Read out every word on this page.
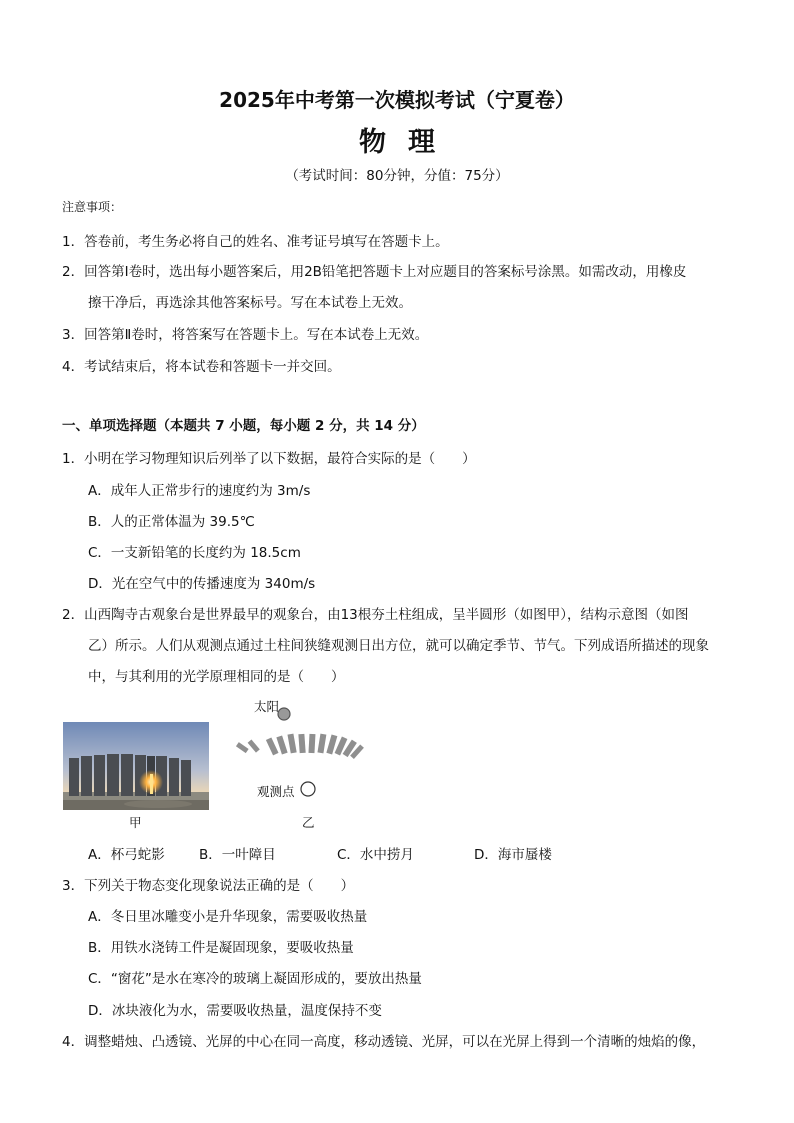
2025年中考第一次模拟考试（宁夏卷）
物理
（考试时间：80分钟，分值：75分）
注意事项：
1．答卷前，考生务必将自己的姓名、准考证号填写在答题卡上。
2．回答第Ⅰ卷时，选出每小题答案后，用2B铅笔把答题卡上对应题目的答案标号涂黑。如需改动，用橡皮
擦干净后，再选涂其他答案标号。写在本试卷上无效。
3．回答第Ⅱ卷时，将答案写在答题卡上。写在本试卷上无效。
4．考试结束后，将本试卷和答题卡一并交回。
一、单项选择题（本题共 7 小题，每小题 2 分，共 14 分）
1．小明在学习物理知识后列举了以下数据，最符合实际的是（　　）
A．成年人正常步行的速度约为 3m/s
B．人的正常体温为 39.5℃
C．一支新铅笔的长度约为 18.5cm
D．光在空气中的传播速度为 340m/s
2．山西陶寺古观象台是世界最早的观象台，由13根夯土柱组成，呈半圆形（如图甲），结构示意图（如图
乙）所示。人们从观测点通过土柱间狭缝观测日出方位，就可以确定季节、节气。下列成语所描述的现象
中，与其利用的光学原理相同的是（　　）
甲
太阳
观测点
乙
A．杯弓蛇影	B．一叶障目	C．水中捞月	D．海市蜃楼
3．下列关于物态变化现象说法正确的是（　　）
A．冬日里冰雕变小是升华现象，需要吸收热量
B．用铁水浇铸工件是凝固现象，要吸收热量
C．“窗花”是水在寒冷的玻璃上凝固形成的，要放出热量
D．冰块液化为水，需要吸收热量，温度保持不变
4．调整蜡烛、凸透镜、光屏的中心在同一高度，移动透镜、光屏，可以在光屏上得到一个清晰的烛焰的像，
